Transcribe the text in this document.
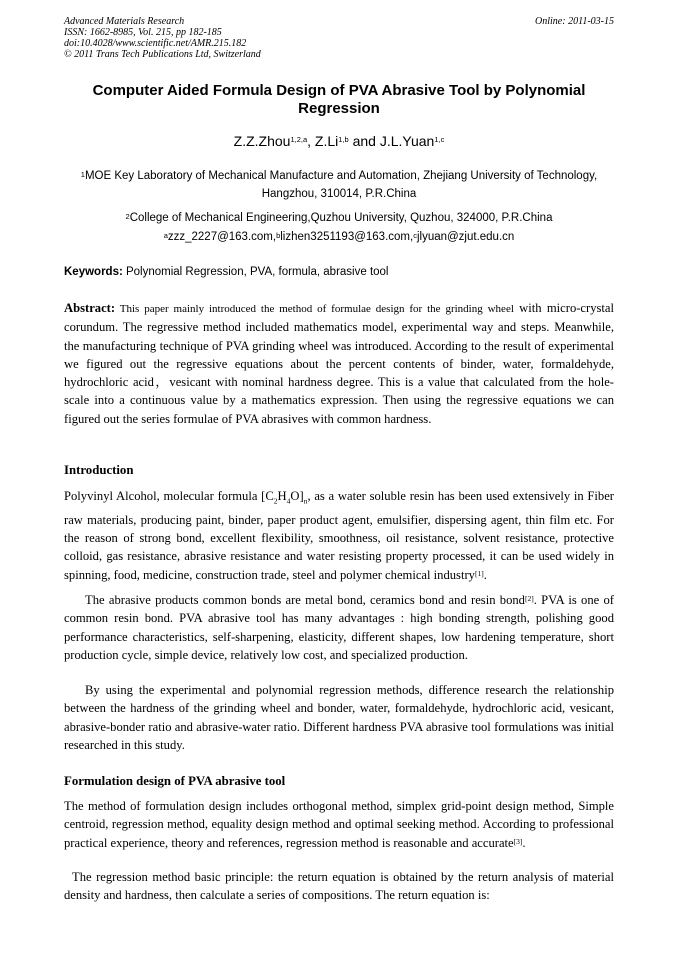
Advanced Materials Research
ISSN: 1662-8985, Vol. 215, pp 182-185
doi:10.4028/www.scientific.net/AMR.215.182
© 2011 Trans Tech Publications Ltd, Switzerland
Online: 2011-03-15
Computer Aided Formula Design of PVA Abrasive Tool by Polynomial Regression
Z.Z.Zhou$^{1,2,a}$, Z.Li$^{1,b}$ and J.L.Yuan$^{1,c}$
$^1$MOE Key Laboratory of Mechanical Manufacture and Automation, Zhejiang University of Technology, Hangzhou, 310014, P.R.China
$^2$College of Mechanical Engineering,Quzhou University, Quzhou, 324000, P.R.China
$^a$zzz_2227@163.com,$^b$lizhen3251193@163.com,$^c$jlyuan@zjut.edu.cn
Keywords: Polynomial Regression, PVA, formula, abrasive tool
Abstract: This paper mainly introduced the method of formulae design for the grinding wheel with micro-crystal corundum. The regressive method included mathematics model, experimental way and steps. Meanwhile, the manufacturing technique of PVA grinding wheel was introduced. According to the result of experimental we figured out the regressive equations about the percent contents of binder, water, formaldehyde, hydrochloric acid，vesicant with nominal hardness degree. This is a value that calculated from the hole-scale into a continuous value by a mathematics expression. Then using the regressive equations we can figured out the series formulae of PVA abrasives with common hardness.
Introduction
Polyvinyl Alcohol, molecular formula $[C_2H_4O]_n$, as a water soluble resin has been used extensively in Fiber raw materials, producing paint, binder, paper product agent, emulsifier, dispersing agent, thin film etc. For the reason of strong bond, excellent flexibility, smoothness, oil resistance, solvent resistance, protective colloid, gas resistance, abrasive resistance and water resisting property processed, it can be used widely in spinning, food, medicine, construction trade, steel and polymer chemical industry[1].
The abrasive products common bonds are metal bond, ceramics bond and resin bond[2]. PVA is one of common resin bond. PVA abrasive tool has many advantages : high bonding strength, polishing good performance characteristics, self-sharpening, elasticity, different shapes, low hardening temperature, short production cycle, simple device, relatively low cost, and specialized production.
By using the experimental and polynomial regression methods, difference research the relationship between the hardness of the grinding wheel and bonder, water, formaldehyde, hydrochloric acid, vesicant, abrasive-bonder ratio and abrasive-water ratio. Different hardness PVA abrasive tool formulations was initial researched in this study.
Formulation design of PVA abrasive tool
The method of formulation design includes orthogonal method, simplex grid-point design method, Simple centroid, regression method, equality design method and optimal seeking method. According to professional practical experience, theory and references, regression method is reasonable and accurate[3].
The regression method basic principle: the return equation is obtained by the return analysis of material density and hardness, then calculate a series of compositions. The return equation is:
